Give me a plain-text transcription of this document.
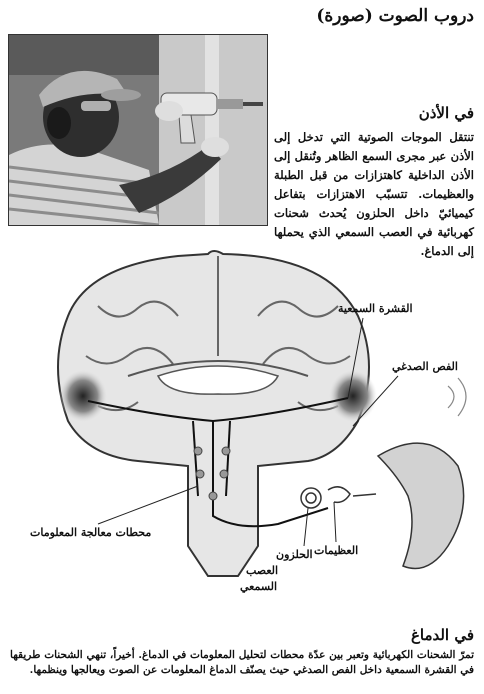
دروب الصوت (صورة)
في الأذن
تنتقل الموجات الصوتية التي تدخل إلى الأذن عبر مجرى السمع الظاهر وتُنقل إلى الأذن الداخلية كاهتزازات من قبل الطبلة والعظيمات. تتسبّب الاهتزازات بتفاعل كيميائيّ داخل الحلزون يُحدث شحنات كهربائية في العصب السمعي الذي يحملها إلى الدماغ.
القشرة السمعية
الفص الصدغي
محطات معالجة المعلومات
العظيمات
الحلزون
العصب
السمعي
في الدماغ
تمرّ الشحنات الكهربائية وتعبر بين عدّة محطات لتحليل المعلومات في الدماغ. أخيراً، تنهي الشحنات طريقها في القشرة السمعية داخل الفص الصدغي حيث يصنّف الدماغ المعلومات عن الصوت ويعالجها وينظمها.
